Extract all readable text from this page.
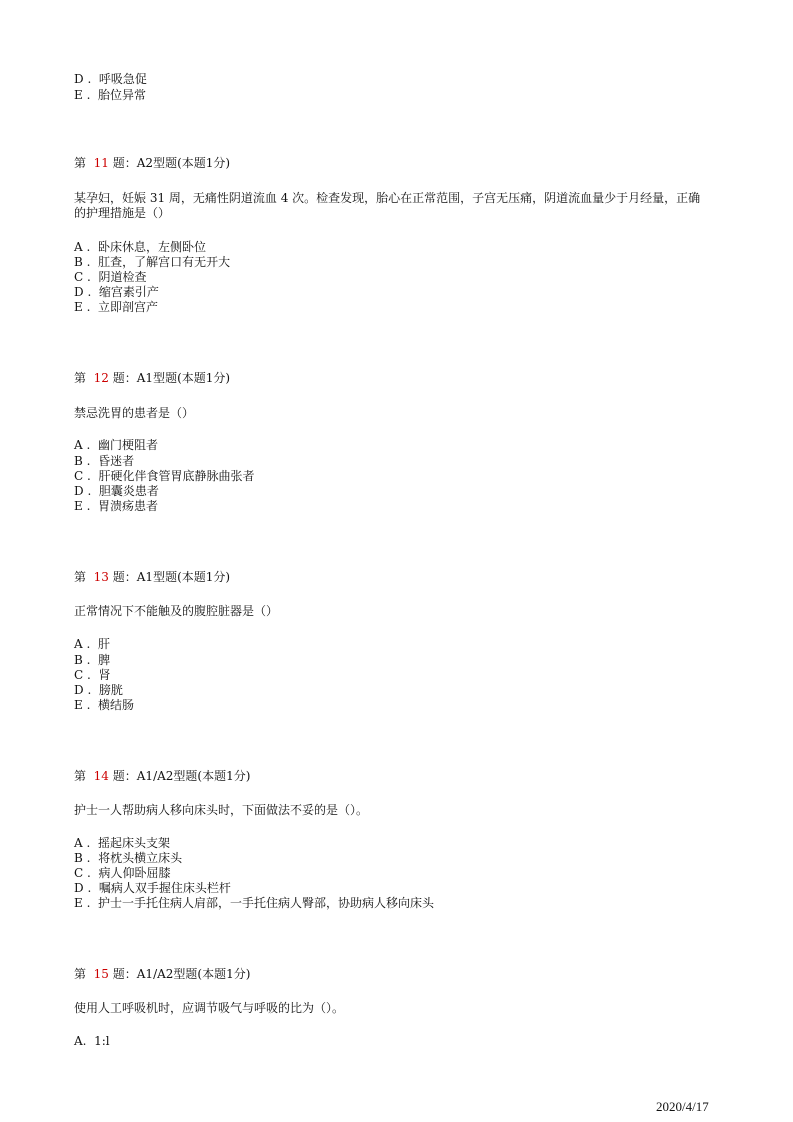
D .  呼吸急促
E .  胎位异常
第 11 题：A2型题(本题1分)
某孕妇，妊娠 31 周，无痛性阴道流血 4 次。检查发现，胎心在正常范围，子宫无压痛，阴道流血量少于月经量，正确的护理措施是（）
A .  卧床休息，左侧卧位
B .  肛查，了解宫口有无开大
C .  阴道检查
D .  缩宫素引产
E .  立即剖宫产
第 12 题：A1型题(本题1分)
禁忌洗胃的患者是（）
A .  幽门梗阻者
B .  昏迷者
C .  肝硬化伴食管胃底静脉曲张者
D .  胆囊炎患者
E .  胃溃疡患者
第 13 题：A1型题(本题1分)
正常情况下不能触及的腹腔脏器是（）
A .  肝
B .  脾
C .  肾
D .  膀胱
E .  横结肠
第 14 题：A1/A2型题(本题1分)
护士一人帮助病人移向床头时，下面做法不妥的是（）。
A .  摇起床头支架
B .  将枕头横立床头
C .  病人仰卧屈膝
D .  嘱病人双手握住床头栏杆
E .  护士一手托住病人肩部，一手托住病人臀部，协助病人移向床头
第 15 题：A1/A2型题(本题1分)
使用人工呼吸机时，应调节吸气与呼吸的比为（）。
A.  1:l
2020/4/17
